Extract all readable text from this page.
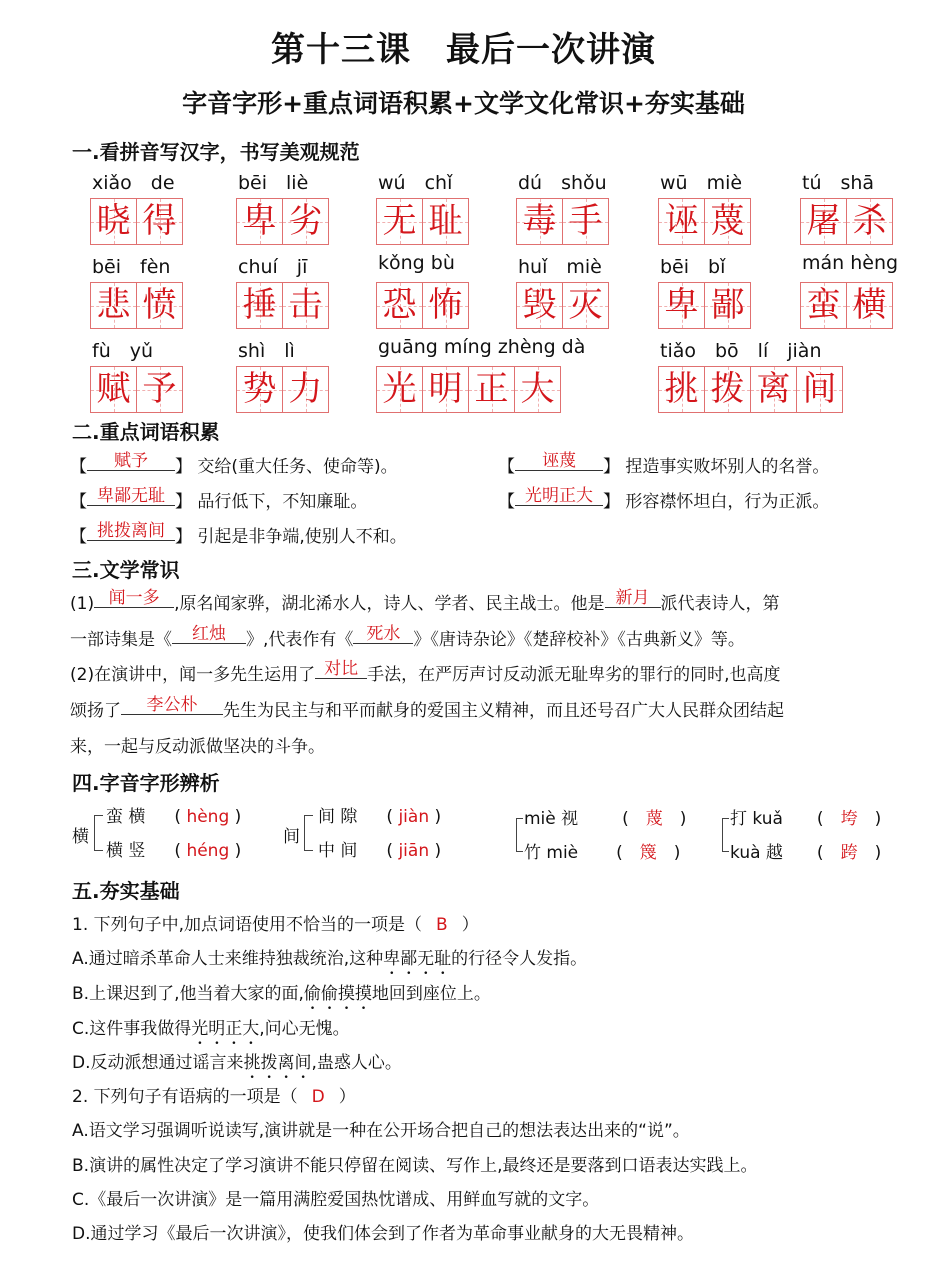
第十三课　最后一次讲演
字音字形+重点词语积累+文学文化常识+夯实基础
一.看拼音写汉字，书写美观规范
xiǎo　de
晓 得
bēi　liè
卑 劣
wú　chǐ
无 耻
dú　shǒu
毒 手
wū　miè
诬 蔑
tú　shā
屠 杀
bēi　fèn
悲 愤
chuí　jī
捶 击
kǒng bù
恐 怖
huǐ　miè
毁 灭
bēi　bǐ
卑 鄙
mán hèng
蛮 横
fù　yǔ
赋 予
shì　lì
势 力
guāng míng zhèng dà
光 明 正 大
tiǎo　bō　lí　jiàn
挑 拨 离 间
二.重点词语积累
【 赋予 】 交给(重大任务、使命等)。	【 诬蔑 】 捏造事实败坏别人的名誉。
【 卑鄙无耻 】 品行低下，不知廉耻。	【 光明正大 】 形容襟怀坦白，行为正派。
【 挑拨离间 】 引起是非争端,使别人不和。
三.文学常识
(1) 闻一多 ,原名闻家骅，湖北浠水人，诗人、学者、民主战士。他是 新月 派代表诗人，第
一部诗集是《 红烛 》,代表作有《 死水 》《唐诗杂论》《楚辞校补》《古典新义》等。
(2)在演讲中，闻一多先生运用了 对比 手法，在严厉声讨反动派无耻卑劣的罪行的同时,也高度
颂扬了 李公朴 先生为民主与和平而献身的爱国主义精神，而且还号召广大人民群众团结起
来，一起与反动派做坚决的斗争。
四.字音字形辨析
横
蛮 横　 ( hèng )
横 竖　 ( héng )
间
间 隙　 ( jiàn )
中 间　 ( jiān )
miè 视	(　 蔑　 )
竹 miè (　 篾　 )
打 kuǎ (　 垮　 )
kuà 越 (　 跨　 )
五.夯实基础
1. 下列句子中,加点词语使用不恰当的一项是（ B ）
A.通过暗杀革命人士来维持独裁统治,这种卑鄙无耻的行径令人发指。
B.上课迟到了,他当着大家的面,偷偷摸摸地回到座位上。
C.这件事我做得光明正大,问心无愧。
D.反动派想通过谣言来挑拨离间,蛊惑人心。
2. 下列句子有语病的一项是（ D ）
A.语文学习强调听说读写,演讲就是一种在公开场合把自己的想法表达出来的“说”。
B.演讲的属性决定了学习演讲不能只停留在阅读、写作上,最终还是要落到口语表达实践上。
C.《最后一次讲演》是一篇用满腔爱国热忱谱成、用鲜血写就的文字。
D.通过学习《最后一次讲演》，使我们体会到了作者为革命事业献身的大无畏精神。
